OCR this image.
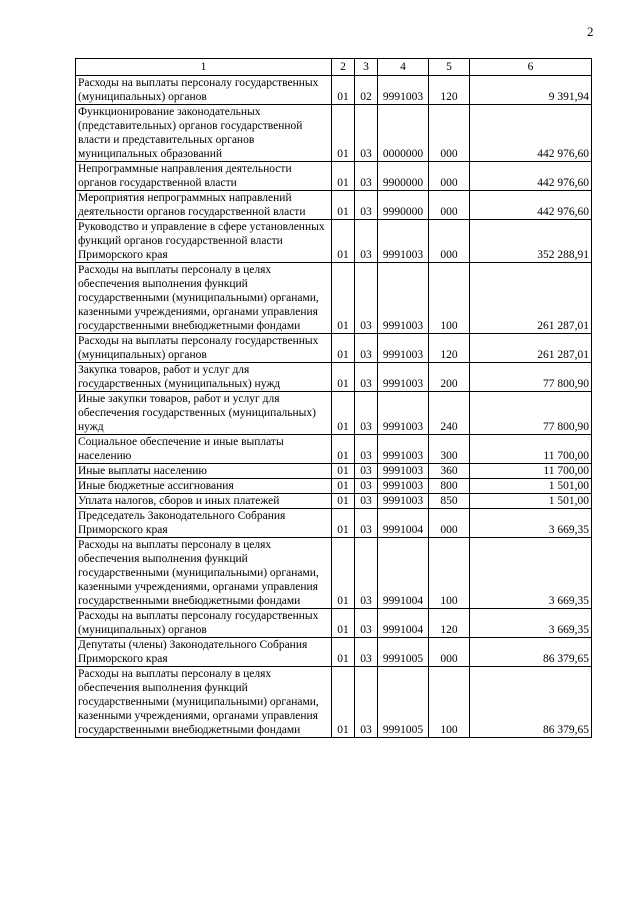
2
1	2	3	4	5	6
Расходы на выплаты персоналу государственных (муниципальных) органов	01	02	9991003	120	9 391,94
Функционирование законодательных (представительных) органов государственной власти и представительных органов муниципальных образований	01	03	0000000	000	442 976,60
Непрограммные направления деятельности органов государственной власти	01	03	9900000	000	442 976,60
Мероприятия непрограммных направлений деятельности органов государственной власти	01	03	9990000	000	442 976,60
Руководство и управление в сфере установленных функций органов государственной власти Приморского края	01	03	9991003	000	352 288,91
Расходы на выплаты персоналу в целях обеспечения выполнения функций государственными (муниципальными) органами, казенными учреждениями, органами управления государственными внебюджетными фондами	01	03	9991003	100	261 287,01
Расходы на выплаты персоналу государственных (муниципальных) органов	01	03	9991003	120	261 287,01
Закупка товаров, работ и услуг для государственных (муниципальных) нужд	01	03	9991003	200	77 800,90
Иные закупки товаров, работ и услуг для обеспечения государственных (муниципальных) нужд	01	03	9991003	240	77 800,90
Социальное обеспечение и иные выплаты населению	01	03	9991003	300	11 700,00
Иные выплаты населению	01	03	9991003	360	11 700,00
Иные бюджетные ассигнования	01	03	9991003	800	1 501,00
Уплата налогов, сборов и иных платежей	01	03	9991003	850	1 501,00
Председатель Законодательного Собрания Приморского края	01	03	9991004	000	3 669,35
Расходы на выплаты персоналу в целях обеспечения выполнения функций государственными (муниципальными) органами, казенными учреждениями, органами управления государственными внебюджетными фондами	01	03	9991004	100	3 669,35
Расходы на выплаты персоналу государственных (муниципальных) органов	01	03	9991004	120	3 669,35
Депутаты (члены) Законодательного Собрания Приморского края	01	03	9991005	000	86 379,65
Расходы на выплаты персоналу в целях обеспечения выполнения функций государственными (муниципальными) органами, казенными учреждениями, органами управления государственными внебюджетными фондами	01	03	9991005	100	86 379,65
